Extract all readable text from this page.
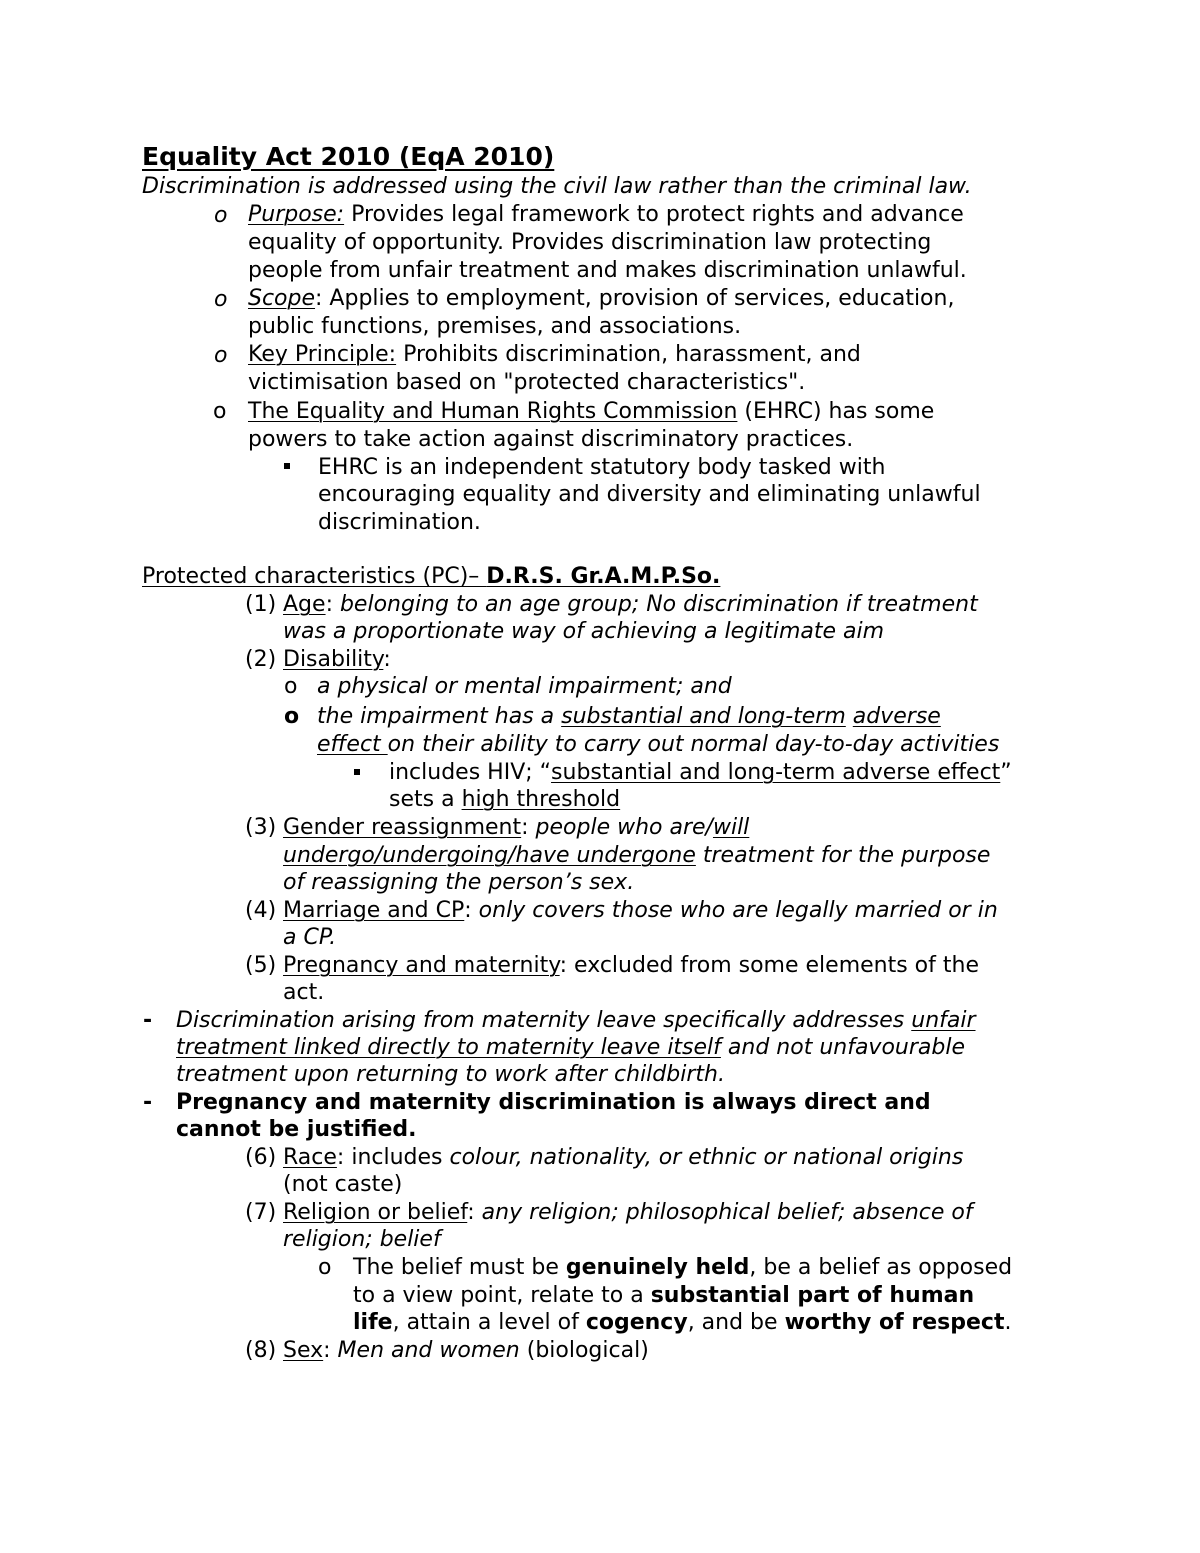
Equality Act 2010 (EqA 2010)
Discrimination is addressed using the civil law rather than the criminal law.
o Purpose: Provides legal framework to protect rights and advance
equality of opportunity. Provides discrimination law protecting
people from unfair treatment and makes discrimination unlawful.
o Scope: Applies to employment, provision of services, education,
public functions, premises, and associations.
o Key Principle: Prohibits discrimination, harassment, and
victimisation based on "protected characteristics".
o The Equality and Human Rights Commission (EHRC) has some
powers to take action against discriminatory practices.
EHRC is an independent statutory body tasked with
encouraging equality and diversity and eliminating unlawful
discrimination.
Protected characteristics (PC)– D.R.S. Gr.A.M.P.So.
(1) Age: belonging to an age group; No discrimination if treatment
was a proportionate way of achieving a legitimate aim
(2) Disability:
o a physical or mental impairment; and
o the impairment has a substantial and long-term adverse
effect on their ability to carry out normal day-to-day activities
includes HIV; “substantial and long-term adverse effect”
sets a high threshold
(3) Gender reassignment: people who are/will
undergo/undergoing/have undergone treatment for the purpose
of reassigning the person’s sex.
(4) Marriage and CP: only covers those who are legally married or in
a CP.
(5) Pregnancy and maternity: excluded from some elements of the
act.
- Discrimination arising from maternity leave specifically addresses unfair
treatment linked directly to maternity leave itself and not unfavourable
treatment upon returning to work after childbirth.
- Pregnancy and maternity discrimination is always direct and
cannot be justified.
(6) Race: includes colour, nationality, or ethnic or national origins
(not caste)
(7) Religion or belief: any religion; philosophical belief; absence of
religion; belief
o The belief must be genuinely held, be a belief as opposed
to a view point, relate to a substantial part of human
life, attain a level of cogency, and be worthy of respect.
(8) Sex: Men and women (biological)
